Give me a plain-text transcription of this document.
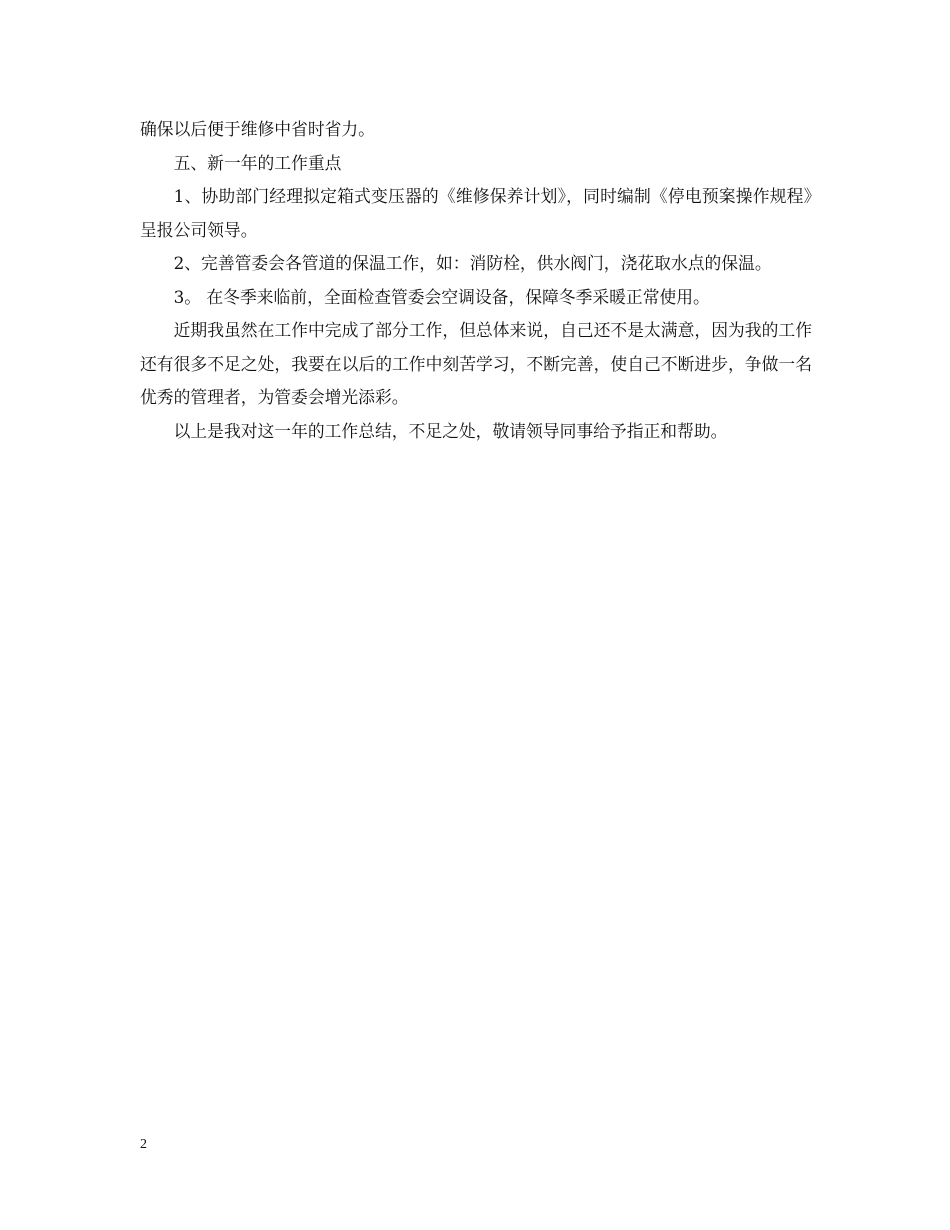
确保以后便于维修中省时省力。

五、新一年的工作重点

1、协助部门经理拟定箱式变压器的《维修保养计划》，同时编制《停电预案操作规程》呈报公司领导。

2、完善管委会各管道的保温工作，如：消防栓，供水阀门，浇花取水点的保温。

3。 在冬季来临前，全面检查管委会空调设备，保障冬季采暖正常使用。

近期我虽然在工作中完成了部分工作，但总体来说，自己还不是太满意，因为我的工作还有很多不足之处，我要在以后的工作中刻苦学习，不断完善，使自己不断进步，争做一名优秀的管理者，为管委会增光添彩。

以上是我对这一年的工作总结，不足之处，敬请领导同事给予指正和帮助。

2
